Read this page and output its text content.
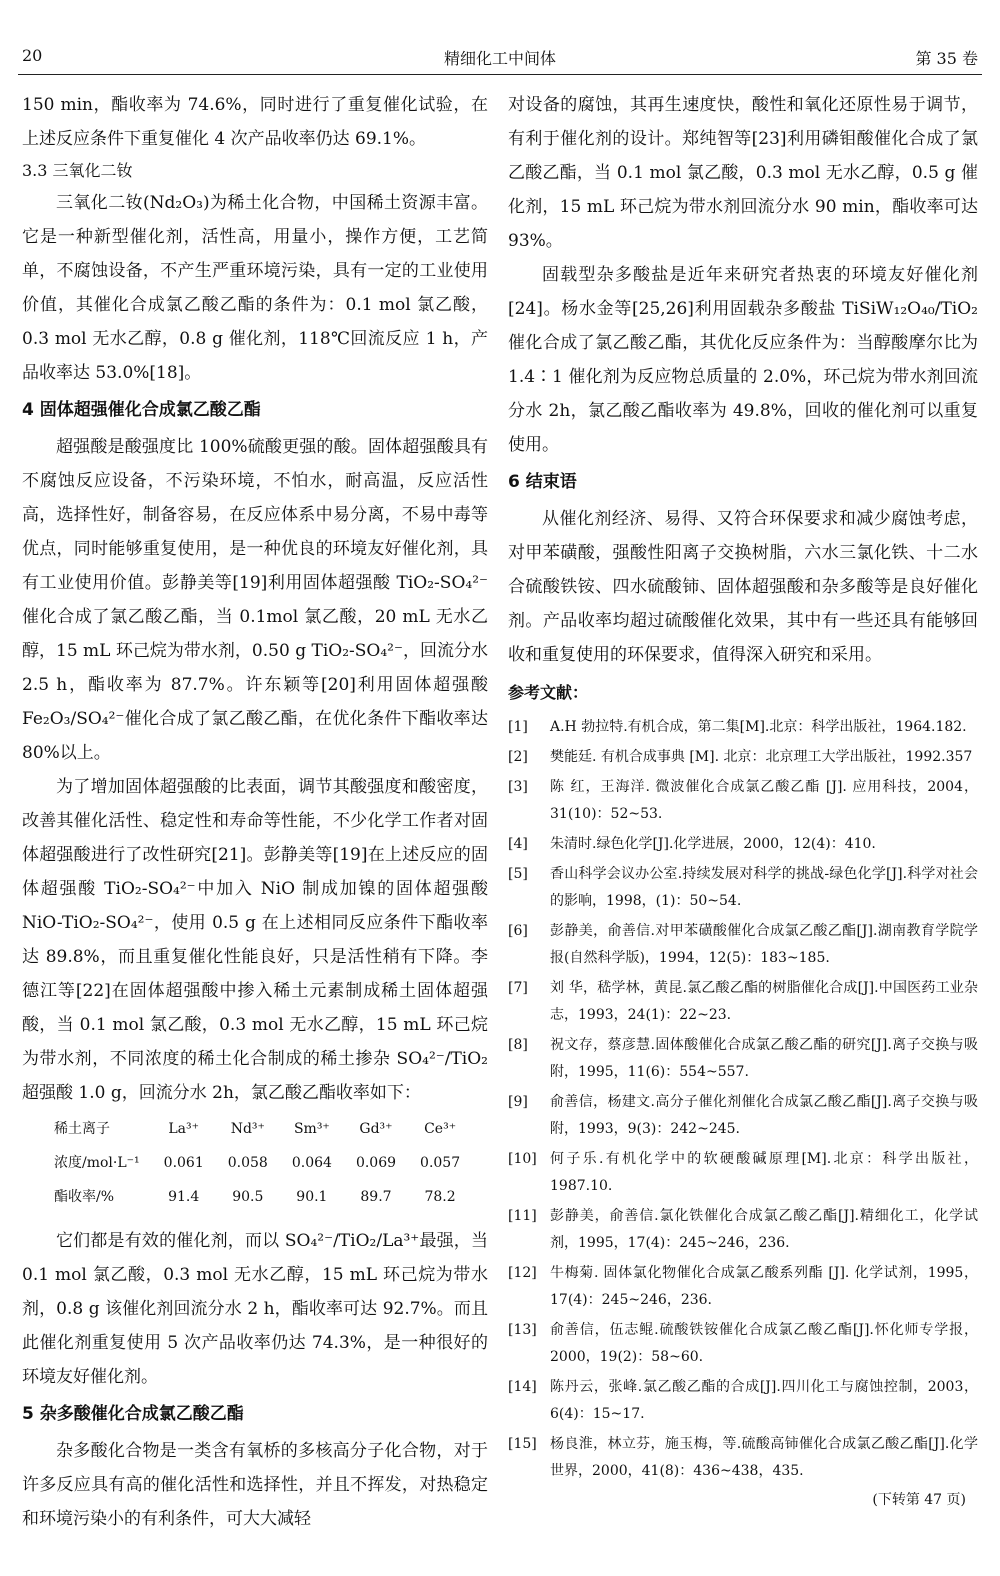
20	精细化工中间体	第 35 卷

150 min，酯收率为 74.6%，同时进行了重复催化试验，在上述反应条件下重复催化 4 次产品收率仍达 69.1%。

3.3 三氧化二钕

三氧化二钕(Nd₂O₃)为稀土化合物，中国稀土资源丰富。它是一种新型催化剂，活性高，用量小，操作方便，工艺简单，不腐蚀设备，不产生严重环境污染，具有一定的工业使用价值，其催化合成氯乙酸乙酯的条件为：0.1 mol 氯乙酸，0.3 mol 无水乙醇，0.8 g 催化剂，118℃回流反应 1 h，产品收率达 53.0%[18]。

4 固体超强催化合成氯乙酸乙酯

超强酸是酸强度比 100%硫酸更强的酸。固体超强酸具有不腐蚀反应设备，不污染环境，不怕水，耐高温，反应活性高，选择性好，制备容易，在反应体系中易分离，不易中毒等优点，同时能够重复使用，是一种优良的环境友好催化剂，具有工业使用价值。彭静美等[19]利用固体超强酸 TiO₂-SO₄²⁻催化合成了氯乙酸乙酯，当 0.1mol 氯乙酸，20 mL 无水乙醇，15 mL 环己烷为带水剂，0.50 g TiO₂-SO₄²⁻，回流分水 2.5 h，酯收率为 87.7%。许东颖等[20]利用固体超强酸 Fe₂O₃/SO₄²⁻催化合成了氯乙酸乙酯，在优化条件下酯收率达 80%以上。

为了增加固体超强酸的比表面，调节其酸强度和酸密度，改善其催化活性、稳定性和寿命等性能，不少化学工作者对固体超强酸进行了改性研究[21]。彭静美等[19]在上述反应的固体超强酸 TiO₂-SO₄²⁻中加入 NiO 制成加镍的固体超强酸 NiO-TiO₂-SO₄²⁻，使用 0.5 g 在上述相同反应条件下酯收率达 89.8%，而且重复催化性能良好，只是活性稍有下降。李德江等[22]在固体超强酸中掺入稀土元素制成稀土固体超强酸，当 0.1 mol 氯乙酸，0.3 mol 无水乙醇，15 mL 环己烷为带水剂，不同浓度的稀土化合制成的稀土掺杂 SO₄²⁻/TiO₂ 超强酸 1.0 g，回流分水 2h，氯乙酸乙酯收率如下：

稀土离子	La³⁺	Nd³⁺	Sm³⁺	Gd³⁺	Ce³⁺
浓度/mol·L⁻¹	0.061	0.058	0.064	0.069	0.057
酯收率/%	91.4	90.5	90.1	89.7	78.2

它们都是有效的催化剂，而以 SO₄²⁻/TiO₂/La³⁺最强，当 0.1 mol 氯乙酸，0.3 mol 无水乙醇，15 mL 环己烷为带水剂，0.8 g 该催化剂回流分水 2 h，酯收率可达 92.7%。而且此催化剂重复使用 5 次产品收率仍达 74.3%，是一种很好的环境友好催化剂。

5 杂多酸催化合成氯乙酸乙酯

杂多酸化合物是一类含有氧桥的多核高分子化合物，对于许多反应具有高的催化活性和选择性，并且不挥发，对热稳定和环境污染小的有利条件，可大大减轻

对设备的腐蚀，其再生速度快，酸性和氧化还原性易于调节，有利于催化剂的设计。郑纯智等[23]利用磷钼酸催化合成了氯乙酸乙酯，当 0.1 mol 氯乙酸，0.3 mol 无水乙醇，0.5 g 催化剂，15 mL 环己烷为带水剂回流分水 90 min，酯收率可达 93%。

固载型杂多酸盐是近年来研究者热衷的环境友好催化剂[24]。杨水金等[25,26]利用固载杂多酸盐 TiSiW₁₂O₄₀/TiO₂ 催化合成了氯乙酸乙酯，其优化反应条件为：当醇酸摩尔比为 1.4∶1 催化剂为反应物总质量的 2.0%，环己烷为带水剂回流分水 2h，氯乙酸乙酯收率为 49.8%，回收的催化剂可以重复使用。

6 结束语

从催化剂经济、易得、又符合环保要求和减少腐蚀考虑，对甲苯磺酸，强酸性阳离子交换树脂，六水三氯化铁、十二水合硫酸铁铵、四水硫酸铈、固体超强酸和杂多酸等是良好催化剂。产品收率均超过硫酸催化效果，其中有一些还具有能够回收和重复使用的环保要求，值得深入研究和采用。

参考文献：

[1]	A.H 勃拉特.有机合成，第二集[M].北京：科学出版社，1964.182.
[2]	樊能廷. 有机合成事典 [M]. 北京：北京理工大学出版社，1992.357
[3]	陈 红，王海洋. 微波催化合成氯乙酸乙酯 [J]. 应用科技，2004，31(10)：52~53.
[4]	朱清时.绿色化学[J].化学进展，2000，12(4)：410.
[5]	香山科学会议办公室.持续发展对科学的挑战-绿色化学[J].科学对社会的影响，1998，(1)：50~54.
[6]	彭静美，俞善信.对甲苯磺酸催化合成氯乙酸乙酯[J].湖南教育学院学报(自然科学版)，1994，12(5)：183~185.
[7]	刘 华，嵇学林，黄昆.氯乙酸乙酯的树脂催化合成[J].中国医药工业杂志，1993，24(1)：22~23.
[8]	祝文存，蔡彦慧.固体酸催化合成氯乙酸乙酯的研究[J].离子交换与吸附，1995，11(6)：554~557.
[9]	俞善信，杨建文.高分子催化剂催化合成氯乙酸乙酯[J].离子交换与吸附，1993，9(3)：242~245.
[10] 何子乐.有机化学中的软硬酸碱原理[M].北京：科学出版社，1987.10.
[11] 彭静美，俞善信.氯化铁催化合成氯乙酸乙酯[J].精细化工，化学试剂，1995，17(4)：245~246，236.
[12] 牛梅菊. 固体氯化物催化合成氯乙酸系列酯 [J]. 化学试剂，1995，17(4)：245~246，236.
[13] 俞善信，伍志鲲.硫酸铁铵催化合成氯乙酸乙酯[J].怀化师专学报，2000，19(2)：58~60.
[14] 陈丹云，张峰.氯乙酸乙酯的合成[J].四川化工与腐蚀控制，2003，6(4)：15~17.
[15] 杨良淮，林立芬，施玉梅，等.硫酸高铈催化合成氯乙酸乙酯[J].化学世界，2000，41(8)：436~438，435.
(下转第 47 页)
